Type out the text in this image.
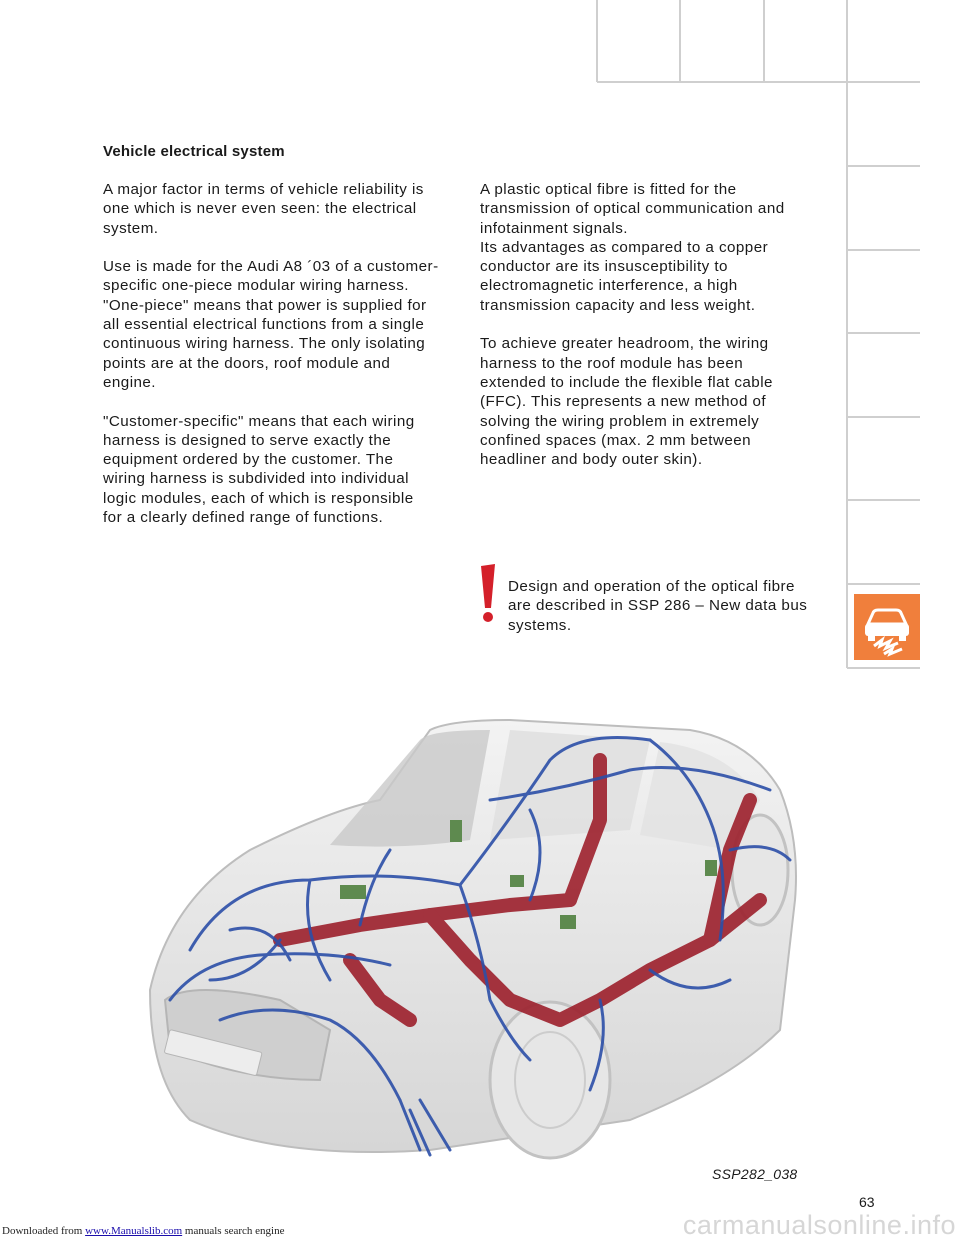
Vehicle electrical system

A major factor in terms of vehicle reliability is
one which is never even seen: the electrical
system.

Use is made for the Audi A8 ´03 of a customer-
specific one-piece modular wiring harness.
"One-piece" means that power is supplied for
all essential electrical functions from a single
continuous wiring harness. The only isolating
points are at the doors, roof module and
engine.

"Customer-specific" means that each wiring
harness is designed to serve exactly the
equipment ordered by the customer. The
wiring harness is subdivided into individual
logic modules, each of which is responsible
for a clearly defined range of functions.

A plastic optical fibre is fitted for the
transmission of optical communication and
infotainment signals.
Its advantages as compared to a copper
conductor are its insusceptibility to
electromagnetic interference, a high
transmission capacity and less weight.

To achieve greater headroom, the wiring
harness to the roof module has been
extended to include the flexible flat cable
(FFC). This represents a new method of
solving the wiring problem in extremely
confined spaces (max. 2 mm between
headliner and body outer skin).

Design and operation of the optical fibre
are described in SSP 286 – New data bus
systems.
SSP282_038
63
Downloaded from www.Manualslib.com manuals search engine	carmanualsonline.info
